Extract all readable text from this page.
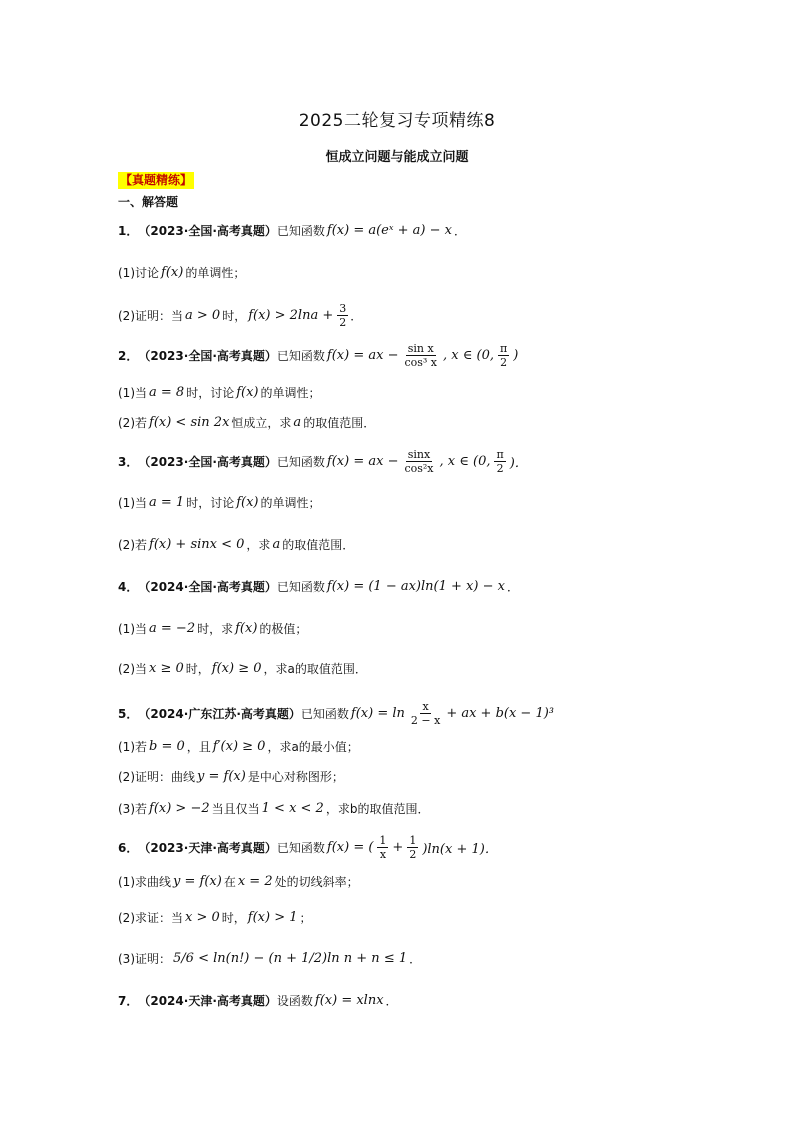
2025二轮复习专项精练8
恒成立问题与能成立问题
【真题精练】
一、解答题
1． （2023·全国·高考真题） 已知函数 f(x) = a(eˣ + a) − x ．
(1) 讨论 f(x) 的单调性；
(2) 证明：当 a > 0 时， $f(x) > 2\ln a + \frac{3}{2}$ ．
2． （2023·全国·高考真题） 已知函数 f(x) = ax − $\frac{\text{sin x}}{\text{cos³ x}}$ , x ∈ (0, $\frac{\pi}{2}$ )
(1) 当 a = 8 时，讨论 f(x) 的单调性；
(2) 若 f(x) < sin 2x 恒成立，求 a 的取值范围．
3． （2023·全国·高考真题） 已知函数 f(x) = ax − $\frac{\sin x}{\text{cos²x}}$ , x ∈ (0, $\frac{\pi}{2}$ )．
(1) 当 a = 1 时，讨论 f(x) 的单调性；
(2) 若 f(x) + sinx < 0 ，求 a 的取值范围．
4． （2024·全国·高考真题） 已知函数 f(x) = (1 − ax)ln(1 + x) − x ．
(1) 当 a = −2 时，求 f(x) 的极值；
(2) 当 x ≥ 0 时， f(x) ≥ 0 ，求a的取值范围．
5． （2024·广东江苏·高考真题） 已知函数 $f(x) = \ln \frac{x}{2 - x}$ + ax + b(x − 1)³
(1) 若 b = 0 ，且 f′(x) ≥ 0 ，求a的最小值；
(2) 证明：曲线 y = f(x) 是中心对称图形；
(3) 若 f(x) > −2 当且仅当 1 < x < 2 ，求b的取值范围．
6． （2023·天津·高考真题） 已知函数 f(x) = ( $\frac{1}{x} + \frac{1}{2} )\ln(x + 1)$．
(1) 求曲线 y = f(x) 在 x = 2 处的切线斜率；
(2) 求证：当 x > 0 时， f(x) > 1 ；
(3) 证明： 5/6 < ln(n!) − (n + 1/2)ln n + n ≤ 1 ．
7． （2024·天津·高考真题） 设函数 f(x) = xlnx ．
